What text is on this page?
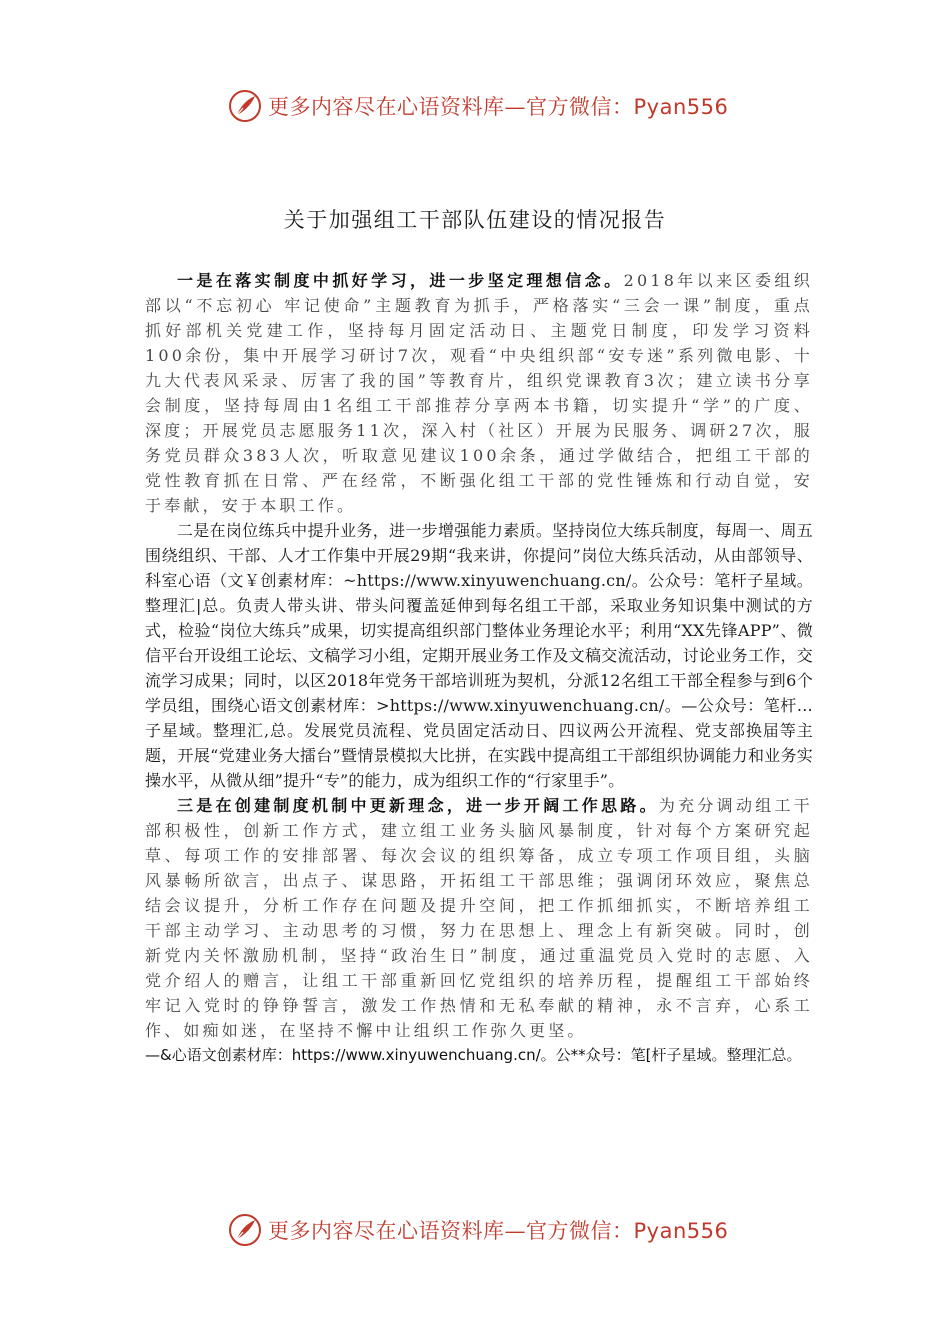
更多内容尽在心语资料库—官方微信：Pyan556
关于加强组工干部队伍建设的情况报告

一是在落实制度中抓好学习，进一步坚定理想信念。2018年以来区委组织部以“不忘初心 牢记使命”主题教育为抓手，严格落实“三会一课”制度，重点抓好部机关党建工作，坚持每月固定活动日、主题党日制度，印发学习资料100余份，集中开展学习研讨7次，观看“中央组织部“安专迷”系列微电影、十九大代表风采录、厉害了我的国”等教育片，组织党课教育3次；建立读书分享会制度，坚持每周由1名组工干部推荐分享两本书籍，切实提升“学”的广度、深度；开展党员志愿服务11次，深入村（社区）开展为民服务、调研27次，服务党员群众383人次，听取意见建议100余条，通过学做结合，把组工干部的党性教育抓在日常、严在经常，不断强化组工干部的党性锤炼和行动自觉，安于奉献，安于本职工作。

二是在岗位练兵中提升业务，进一步增强能力素质。坚持岗位大练兵制度，每周一、周五围绕组织、干部、人才工作集中开展29期“我来讲，你提问”岗位大练兵活动，从由部领导、科室心语（文￥创素材库：~https://www.xinyuwenchuang.cn/。公众号：笔杆子星域。整理汇|总。负责人带头讲、带头问覆盖延伸到每名组工干部，采取业务知识集中测试的方式，检验“岗位大练兵”成果，切实提高组织部门整体业务理论水平；利用“XX先锋APP”、微信平台开设组工论坛、文稿学习小组，定期开展业务工作及文稿交流活动，讨论业务工作，交流学习成果；同时，以区2018年党务干部培训班为契机，分派12名组工干部全程参与到6个学员组，围绕心语文创素材库：>https://www.xinyuwenchuang.cn/。—公众号：笔杆…子星域。整理汇,总。发展党员流程、党员固定活动日、四议两公开流程、党支部换届等主题，开展“党建业务大擂台”暨情景模拟大比拼，在实践中提高组工干部组织协调能力和业务实操水平，从微从细”提升“专”的能力，成为组织工作的“行家里手”。

三是在创建制度机制中更新理念，进一步开阔工作思路。为充分调动组工干部积极性，创新工作方式，建立组工业务头脑风暴制度，针对每个方案研究起草、每项工作的安排部署、每次会议的组织筹备，成立专项工作项目组，头脑风暴畅所欲言，出点子、谋思路，开拓组工干部思维；强调闭环效应，聚焦总结会议提升，分析工作存在问题及提升空间，把工作抓细抓实，不断培养组工干部主动学习、主动思考的习惯，努力在思想上、理念上有新突破。同时，创新党内关怀激励机制，坚持“政治生日”制度，通过重温党员入党时的志愿、入党介绍人的赠言，让组工干部重新回忆党组织的培养历程，提醒组工干部始终牢记入党时的铮铮誓言，激发工作热情和无私奉献的精神，永不言弃，心系工作、如痴如迷，在坚持不懈中让组织工作弥久更坚。

—&心语文创素材库：https://www.xinyuwenchuang.cn/。公**众号：笔[杆子星域。整理汇总。

更多内容尽在心语资料库—官方微信：Pyan556
